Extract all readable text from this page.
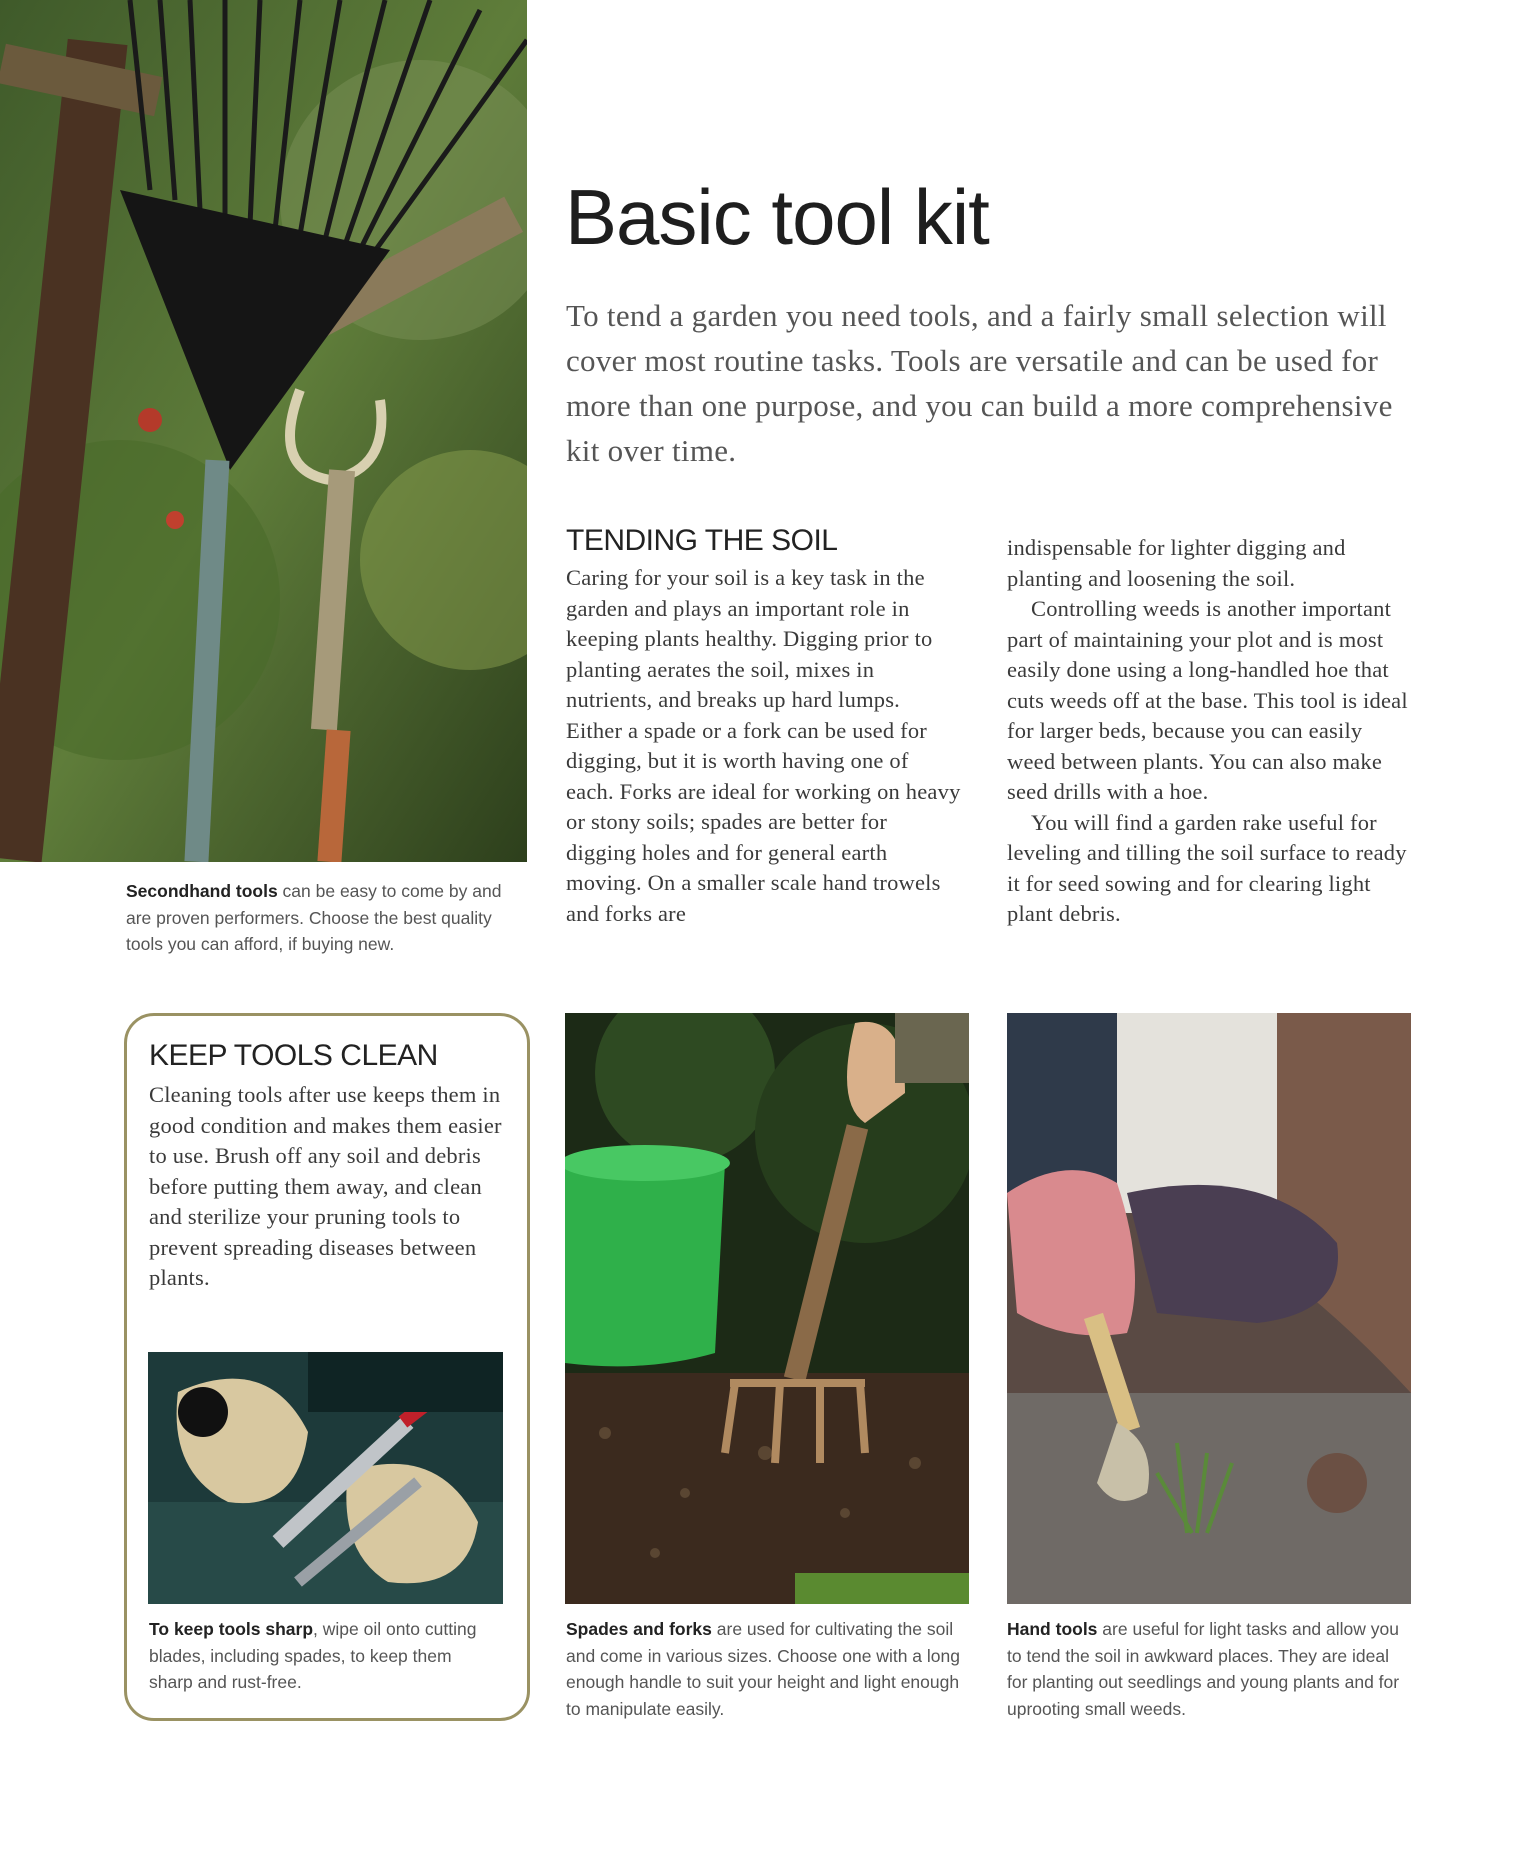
Basic tool kit
To tend a garden you need tools, and a fairly small selection will cover most routine tasks. Tools are versatile and can be used for more than one purpose, and you can build a more comprehensive kit over time.
TENDING THE SOIL

Caring for your soil is a key task in the garden and plays an important role in keeping plants healthy. Digging prior to planting aerates the soil, mixes in nutrients, and breaks up hard lumps. Either a spade or a fork can be used for digging, but it is worth having one of each. Forks are ideal for working on heavy or stony soils; spades are better for digging holes and for general earth moving. On a smaller scale hand trowels and forks are

indispensable for lighter digging and planting and loosening the soil.

Controlling weeds is another important part of maintaining your plot and is most easily done using a long-handled hoe that cuts weeds off at the base. This tool is ideal for larger beds, because you can easily weed between plants. You can also make seed drills with a hoe.

You will find a garden rake useful for leveling and tilling the soil surface to ready it for seed sowing and for clearing light plant debris.

Secondhand tools can be easy to come by and are proven performers. Choose the best quality tools you can afford, if buying new.
KEEP TOOLS CLEAN
Cleaning tools after use keeps them in good condition and makes them easier to use. Brush off any soil and debris before putting them away, and clean and sterilize your pruning tools to prevent spreading diseases between plants.
To keep tools sharp, wipe oil onto cutting blades, including spades, to keep them sharp and rust-free.
Spades and forks are used for cultivating the soil and come in various sizes. Choose one with a long enough handle to suit your height and light enough to manipulate easily.
Hand tools are useful for light tasks and allow you to tend the soil in awkward places. They are ideal for planting out seedlings and young plants and for uprooting small weeds.
